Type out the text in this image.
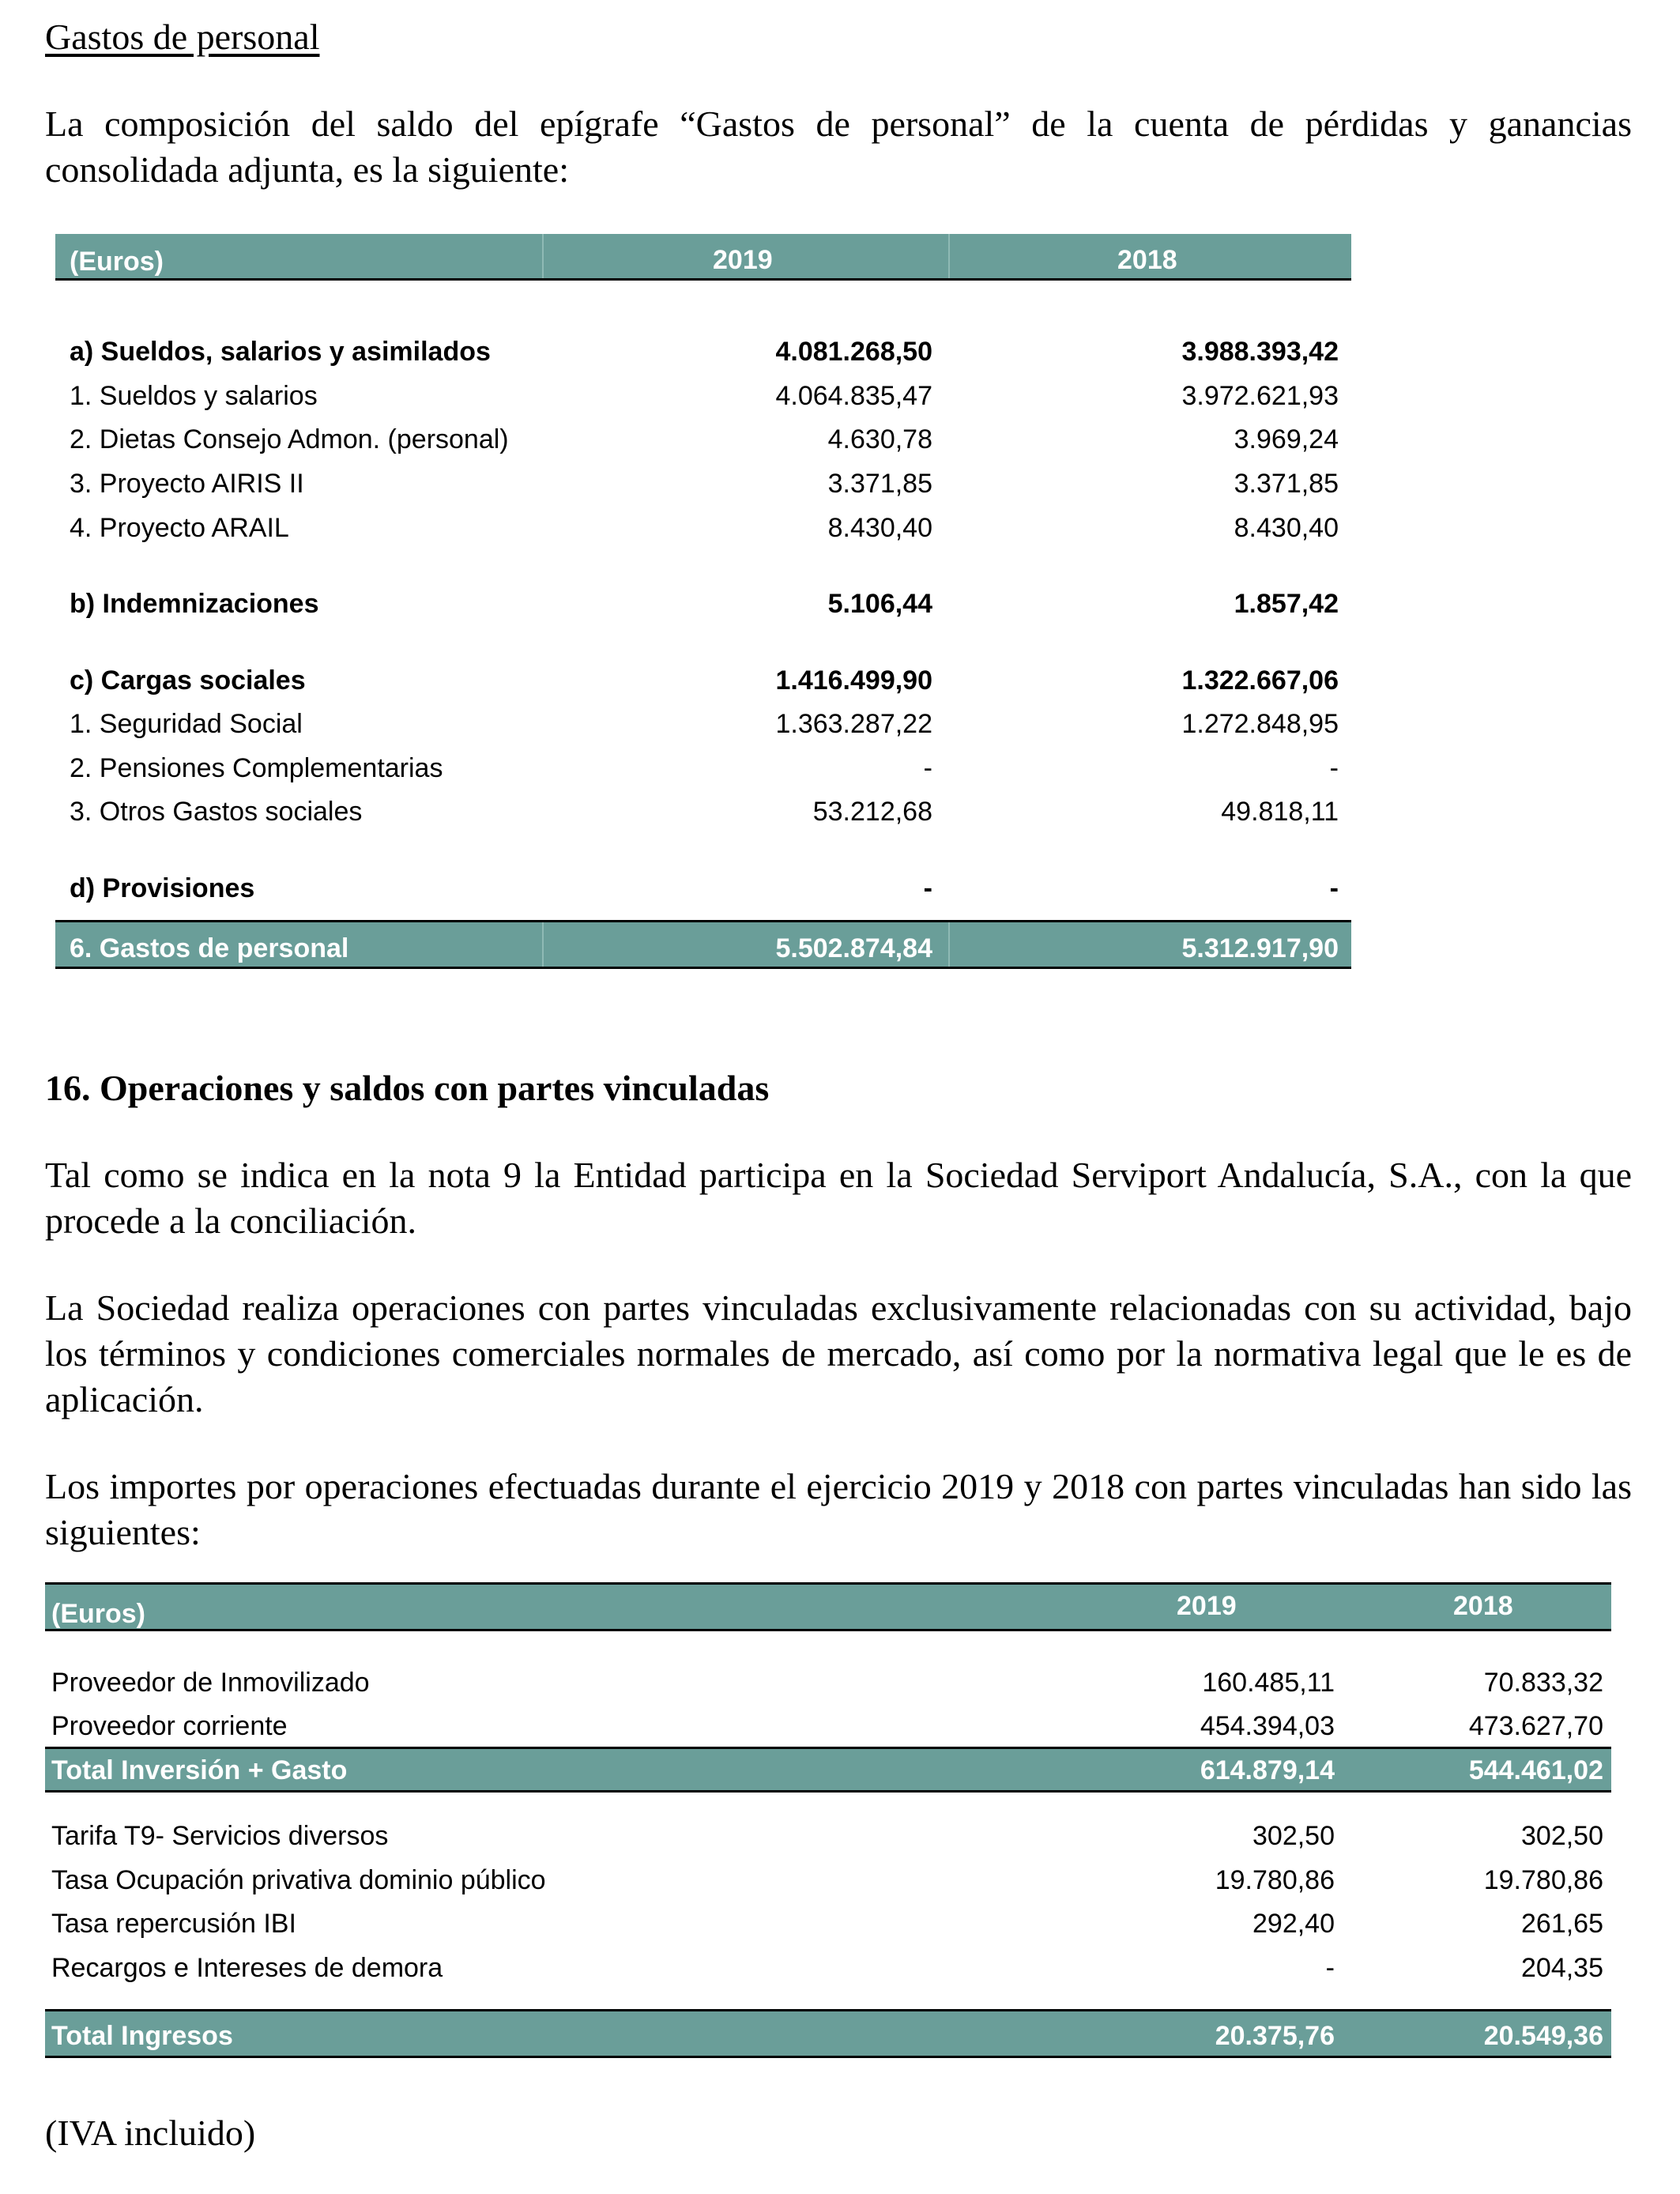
Gastos de personal
La composición del saldo del epígrafe “Gastos de personal” de la cuenta de pérdidas y ganancias consolidada adjunta, es la siguiente:
(Euros)	2019	2018
a) Sueldos, salarios y asimilados	4.081.268,50	3.988.393,42
1. Sueldos y salarios	4.064.835,47	3.972.621,93
2. Dietas Consejo Admon. (personal)	4.630,78	3.969,24
3. Proyecto AIRIS II	3.371,85	3.371,85
4. Proyecto ARAIL	8.430,40	8.430,40
b) Indemnizaciones	5.106,44	1.857,42
c) Cargas sociales	1.416.499,90	1.322.667,06
1. Seguridad Social	1.363.287,22	1.272.848,95
2. Pensiones Complementarias	-	-
3. Otros Gastos sociales	53.212,68	49.818,11
d) Provisiones	-	-
6. Gastos de personal	5.502.874,84	5.312.917,90
16. Operaciones y saldos con partes vinculadas
Tal como se indica en la nota 9 la Entidad participa en la Sociedad Serviport Andalucía, S.A., con la que procede a la conciliación.
La Sociedad realiza operaciones con partes vinculadas exclusivamente relacionadas con su actividad, bajo los términos y condiciones comerciales normales de mercado, así como por la normativa legal que le es de aplicación.
Los importes por operaciones efectuadas durante el ejercicio 2019 y 2018 con partes vinculadas han sido las siguientes:
(Euros)	2019	2018
Proveedor de Inmovilizado	160.485,11	70.833,32
Proveedor corriente	454.394,03	473.627,70
Total Inversión + Gasto	614.879,14	544.461,02
Tarifa T9- Servicios diversos	302,50	302,50
Tasa Ocupación privativa dominio público	19.780,86	19.780,86
Tasa repercusión IBI	292,40	261,65
Recargos e Intereses de demora	-	204,35
Total Ingresos	20.375,76	20.549,36
(IVA incluido)
